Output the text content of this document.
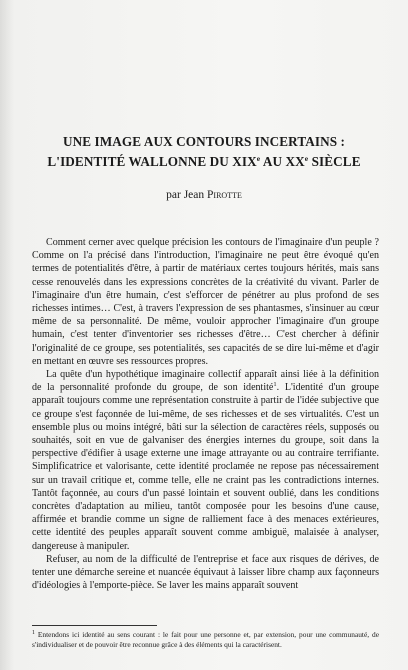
UNE IMAGE AUX CONTOURS INCERTAINS :
L'IDENTITÉ WALLONNE DU XIXe AU XXe SIÈCLE
par Jean Pirotte

Comment cerner avec quelque précision les contours de l'imaginaire d'un peuple ? Comme on l'a précisé dans l'introduction, l'imaginaire ne peut être évoqué qu'en termes de potentialités d'être, à partir de matériaux certes toujours hérités, mais sans cesse renouvelés dans les expressions concrètes de la créativité du vivant. Parler de l'imaginaire d'un être humain, c'est s'efforcer de pénétrer au plus profond de ses richesses intimes… C'est, à travers l'expression de ses phantasmes, s'insinuer au cœur même de sa personnalité. De même, vouloir approcher l'imaginaire d'un groupe humain, c'est tenter d'inventorier ses richesses d'être… C'est chercher à définir l'originalité de ce groupe, ses potentialités, ses capacités de se dire lui-même et d'agir en mettant en œuvre ses ressources propres.

La quête d'un hypothétique imaginaire collectif apparaît ainsi liée à la définition de la personnalité profonde du groupe, de son identité$^1$. L'identité d'un groupe apparaît toujours comme une représentation construite à partir de l'idée subjective que ce groupe s'est façonnée de lui-même, de ses richesses et de ses virtualités. C'est un ensemble plus ou moins intégré, bâti sur la sélection de caractères réels, supposés ou souhaités, soit en vue de galvaniser des énergies internes du groupe, soit dans la perspective d'édifier à usage externe une image attrayante ou au contraire terrifiante. Simplificatrice et valorisante, cette identité proclamée ne repose pas nécessairement sur un travail critique et, comme telle, elle ne craint pas les contradictions internes. Tantôt façonnée, au cours d'un passé lointain et souvent oublié, dans les conditions concrètes d'adaptation au milieu, tantôt composée pour les besoins d'une cause, affirmée et brandie comme un signe de ralliement face à des menaces extérieures, cette identité des peuples apparaît souvent comme ambiguë, malaisée à analyser, dangereuse à manipuler.

Refuser, au nom de la difficulté de l'entreprise et face aux risques de dérives, de tenter une démarche sereine et nuancée équivaut à laisser libre champ aux façonneurs d'idéologies à l'emporte-pièce. Se laver les mains apparaît souvent

$^1$ Entendons ici identité au sens courant : le fait pour une personne et, par extension, pour une communauté, de s'individualiser et de pouvoir être reconnue grâce à des éléments qui la caractérisent.
